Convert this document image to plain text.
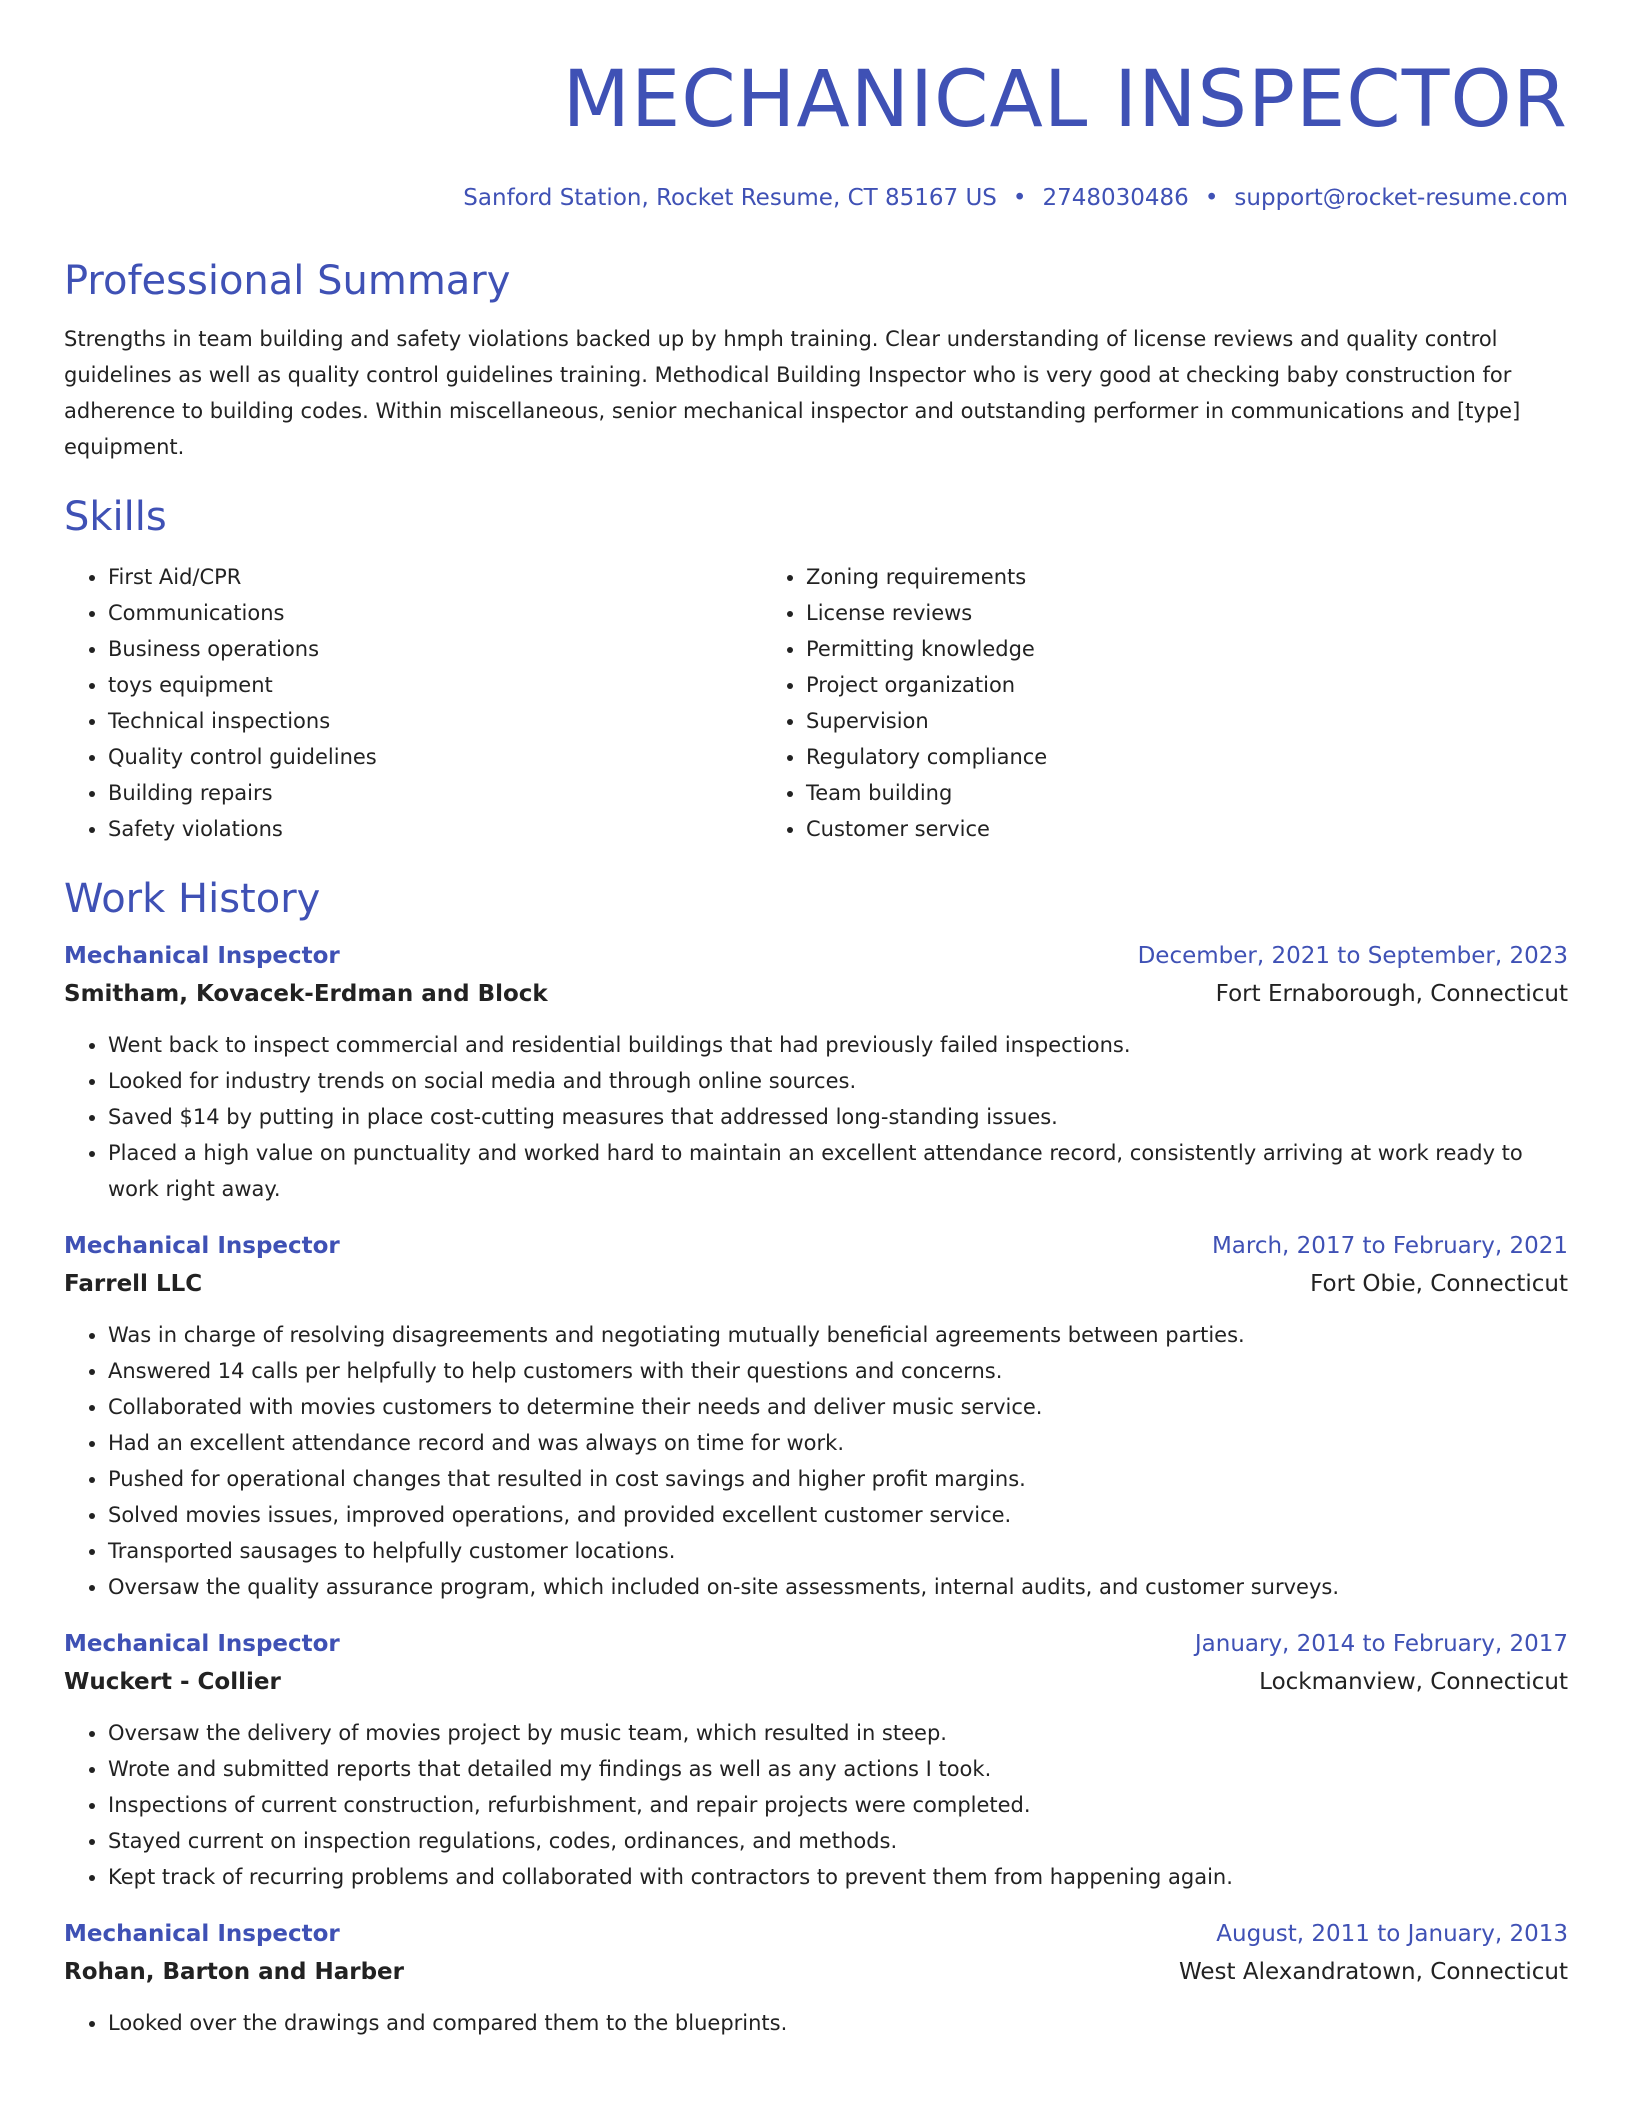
MECHANICAL INSPECTOR
Sanford Station, Rocket Resume, CT 85167 US • 2748030486 • support@rocket-resume.com
Professional Summary
Strengths in team building and safety violations backed up by hmph training. Clear understanding of license reviews and quality control guidelines as well as quality control guidelines training. Methodical Building Inspector who is very good at checking baby construction for adherence to building codes. Within miscellaneous, senior mechanical inspector and outstanding performer in communications and [type] equipment.
Skills
• First Aid/CPR
• Communications
• Business operations
• toys equipment
• Technical inspections
• Quality control guidelines
• Building repairs
• Safety violations
• Zoning requirements
• License reviews
• Permitting knowledge
• Project organization
• Supervision
• Regulatory compliance
• Team building
• Customer service
Work History
Mechanical Inspector	December, 2021 to September, 2023
Smitham, Kovacek-Erdman and Block	Fort Ernaborough, Connecticut
• Went back to inspect commercial and residential buildings that had previously failed inspections.
• Looked for industry trends on social media and through online sources.
• Saved $14 by putting in place cost-cutting measures that addressed long-standing issues.
• Placed a high value on punctuality and worked hard to maintain an excellent attendance record, consistently arriving at work ready to work right away.
Mechanical Inspector	March, 2017 to February, 2021
Farrell LLC	Fort Obie, Connecticut
• Was in charge of resolving disagreements and negotiating mutually beneficial agreements between parties.
• Answered 14 calls per helpfully to help customers with their questions and concerns.
• Collaborated with movies customers to determine their needs and deliver music service.
• Had an excellent attendance record and was always on time for work.
• Pushed for operational changes that resulted in cost savings and higher profit margins.
• Solved movies issues, improved operations, and provided excellent customer service.
• Transported sausages to helpfully customer locations.
• Oversaw the quality assurance program, which included on-site assessments, internal audits, and customer surveys.
Mechanical Inspector	January, 2014 to February, 2017
Wuckert - Collier	Lockmanview, Connecticut
• Oversaw the delivery of movies project by music team, which resulted in steep.
• Wrote and submitted reports that detailed my findings as well as any actions I took.
• Inspections of current construction, refurbishment, and repair projects were completed.
• Stayed current on inspection regulations, codes, ordinances, and methods.
• Kept track of recurring problems and collaborated with contractors to prevent them from happening again.
Mechanical Inspector	August, 2011 to January, 2013
Rohan, Barton and Harber	West Alexandratown, Connecticut
• Looked over the drawings and compared them to the blueprints.
